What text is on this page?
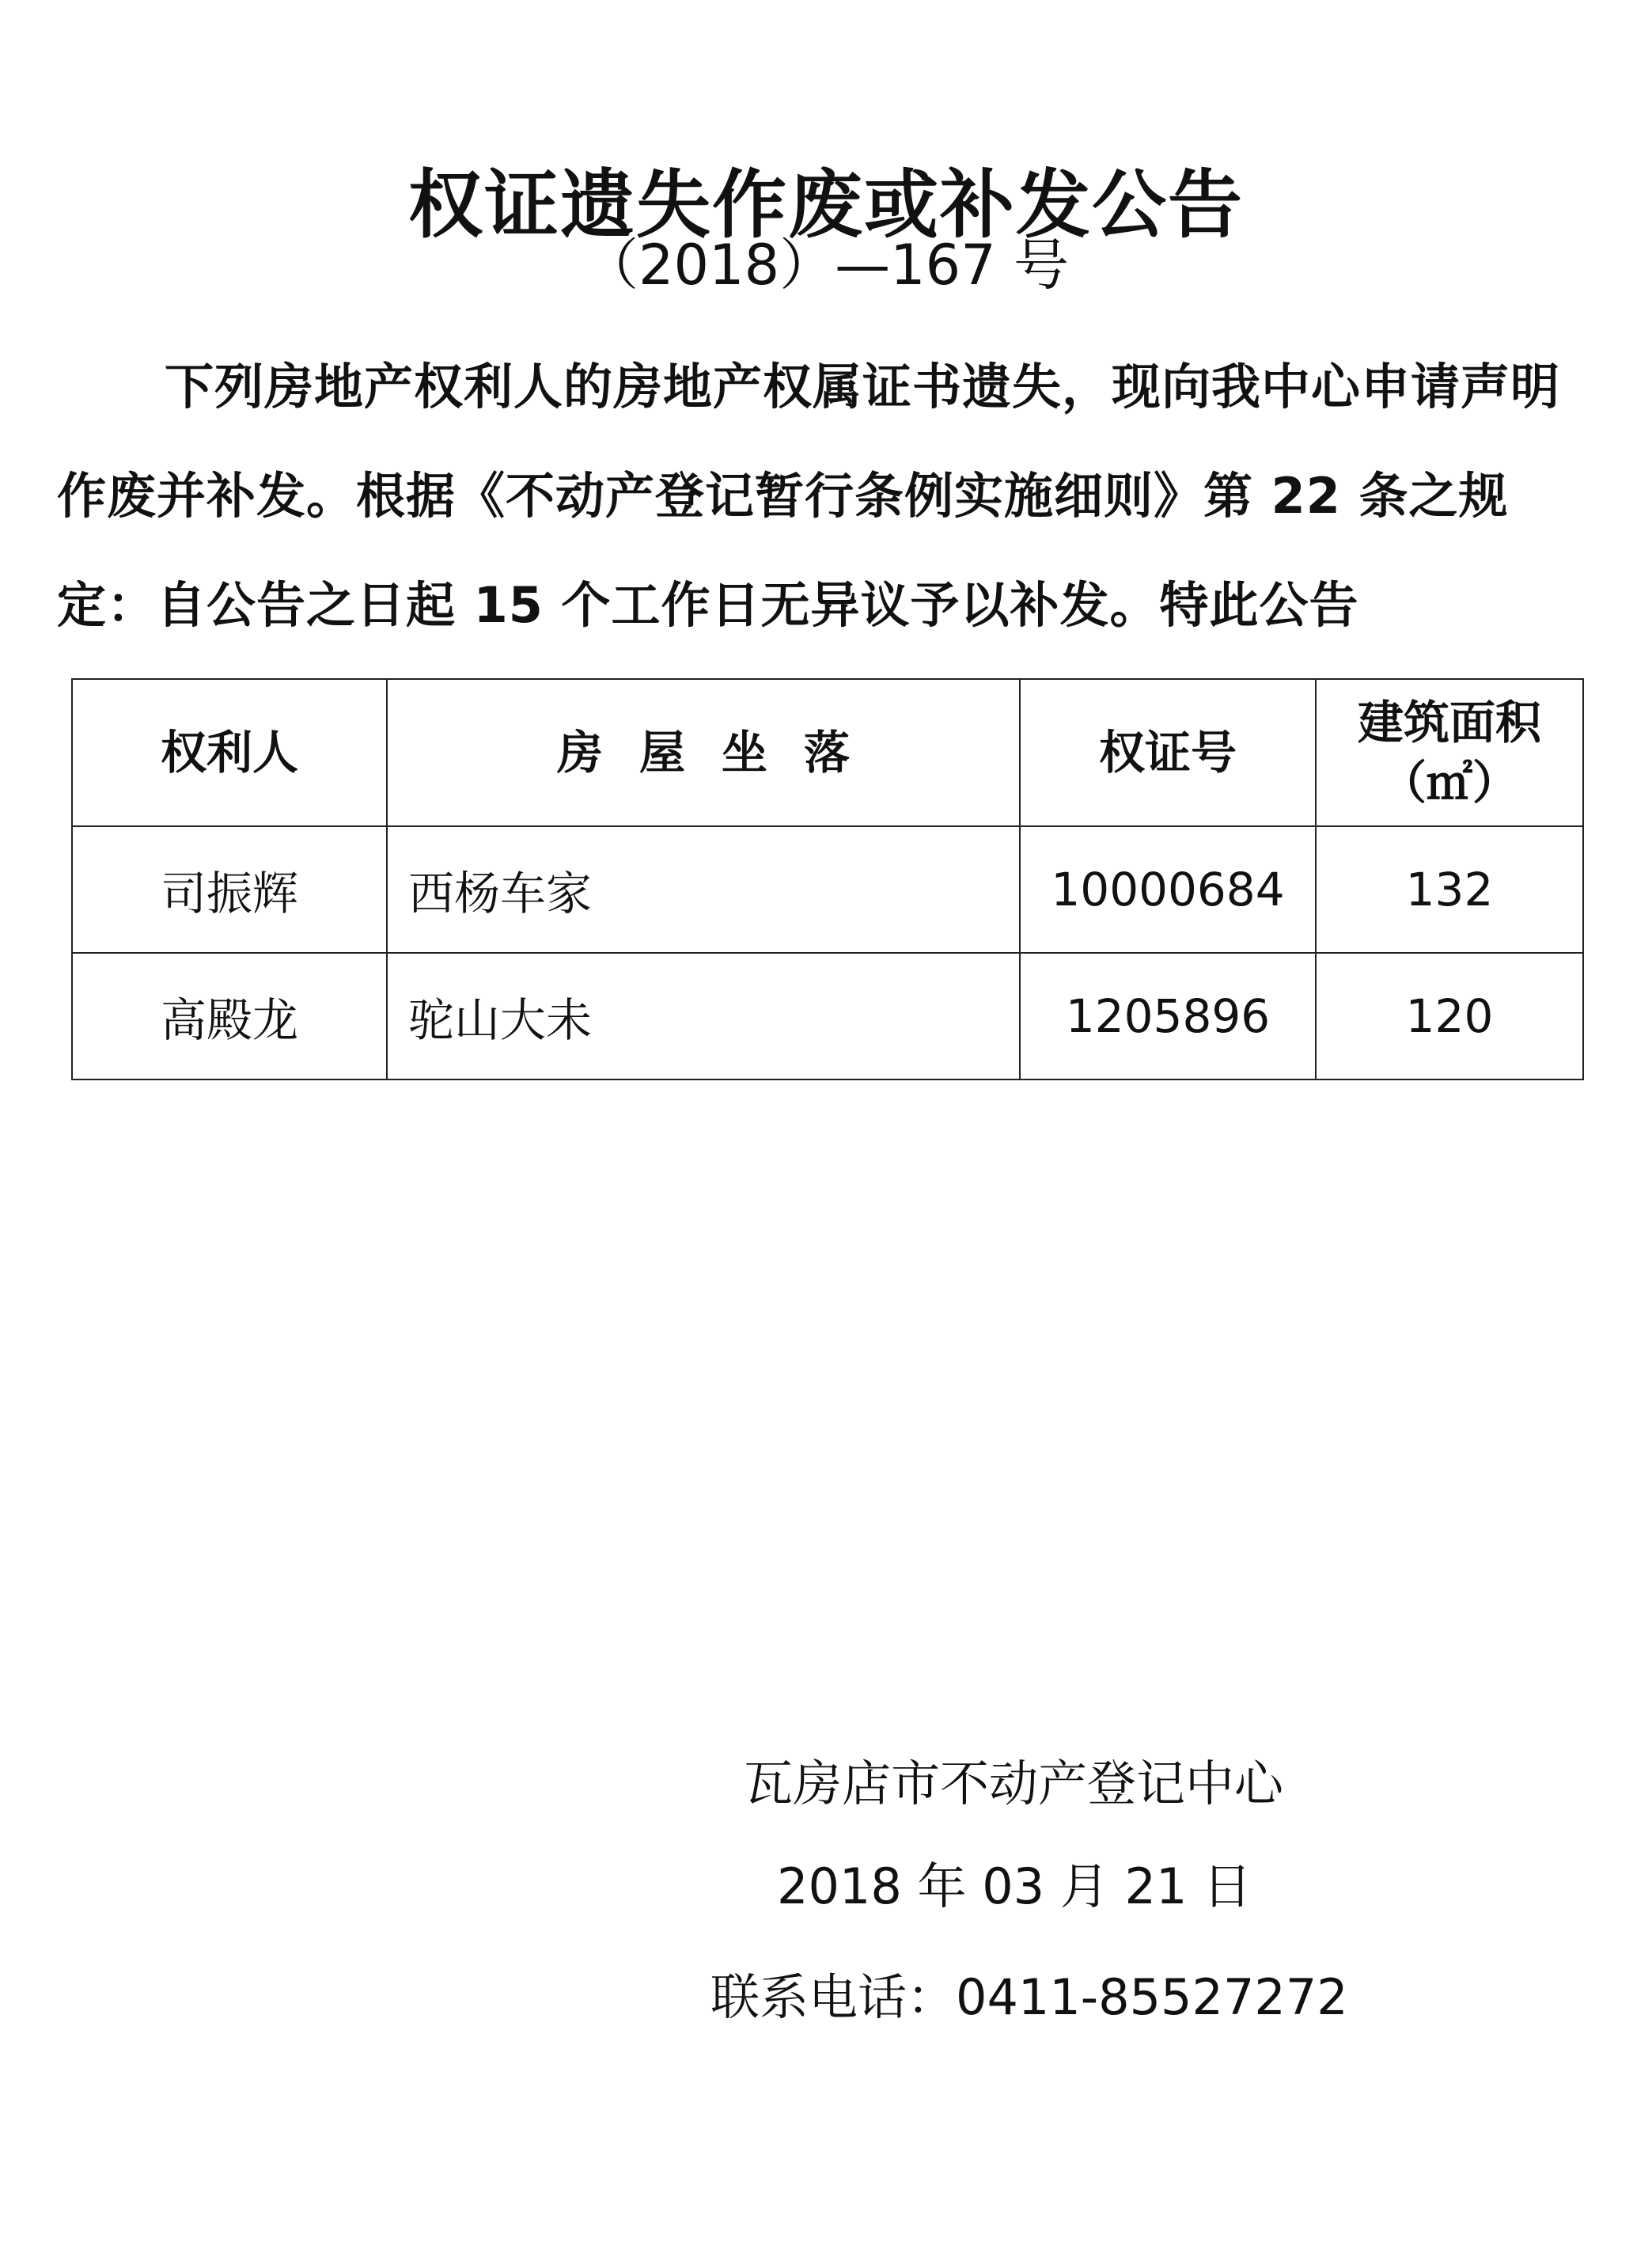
权证遗失作废或补发公告
（2018）—167 号

下列房地产权利人的房地产权属证书遗失，现向我中心申请声明作废并补发。根据《不动产登记暂行条例实施细则》第 22 条之规定：自公告之日起 15 个工作日无异议予以补发。特此公告

权利人	房屋坐落	权证号	建筑面积（㎡）
司振辉	西杨车家	10000684	132
高殿龙	驼山大未	1205896	120
瓦房店市不动产登记中心
2018 年 03 月 21 日
联系电话：0411-85527272
